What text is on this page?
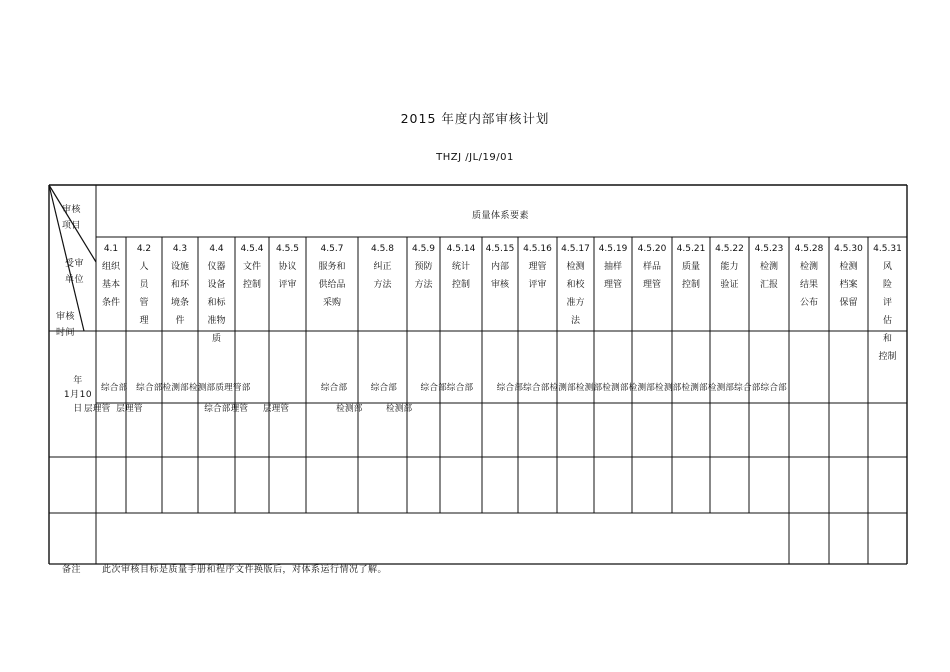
2015 年度内部审核计划
THZJ /JL/19/01
质量体系要素
审核
项目
受审
单位
审核
时间
4.1
组织
基本
条件
4.2
人
员
管
理
4.3
设施
和环
境条
件
4.4
仪器
设备
和标
准物
质
4.5.4
文件
控制
4.5.5
协议
评审
4.5.7
服务和
供给品
采购
4.5.8
纠正
方法
4.5.9
预防
方法
4.5.14
统计
控制
4.5.15
内部
审核
4.5.16
理管
评审
4.5.17
检测
和校
准方
法
4.5.19
抽样
理管
4.5.20
样品
理管
4.5.21
质量
控制
4.5.22
能力
验证
4.5.23
检测
汇报
4.5.28
检测
结果
公布
4.5.30
检测
档案
保留
4.5.31
风
险
评
估
和
控制
年
1月10
日
综合部   综合部检测部检测部质理管部                        综合部        综合部        综合部综合部        综合部综合部检测部检测部检测部检测部检测部检测部检测部综合部综合部
层理管  层理管                     综合部理管     层理管                检测部        检测部
备注 此次审核目标是质量手册和程序文件换版后，对体系运行情况了解。
